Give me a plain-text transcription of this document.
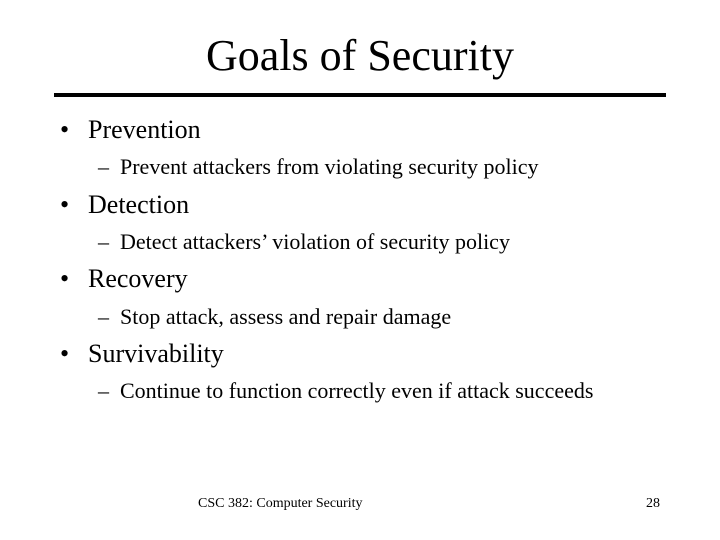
Goals of Security
• Prevention
– Prevent attackers from violating security policy
• Detection
– Detect attackers’ violation of security policy
• Recovery
– Stop attack, assess and repair damage
• Survivability
– Continue to function correctly even if attack succeeds
CSC 382: Computer Security	28
